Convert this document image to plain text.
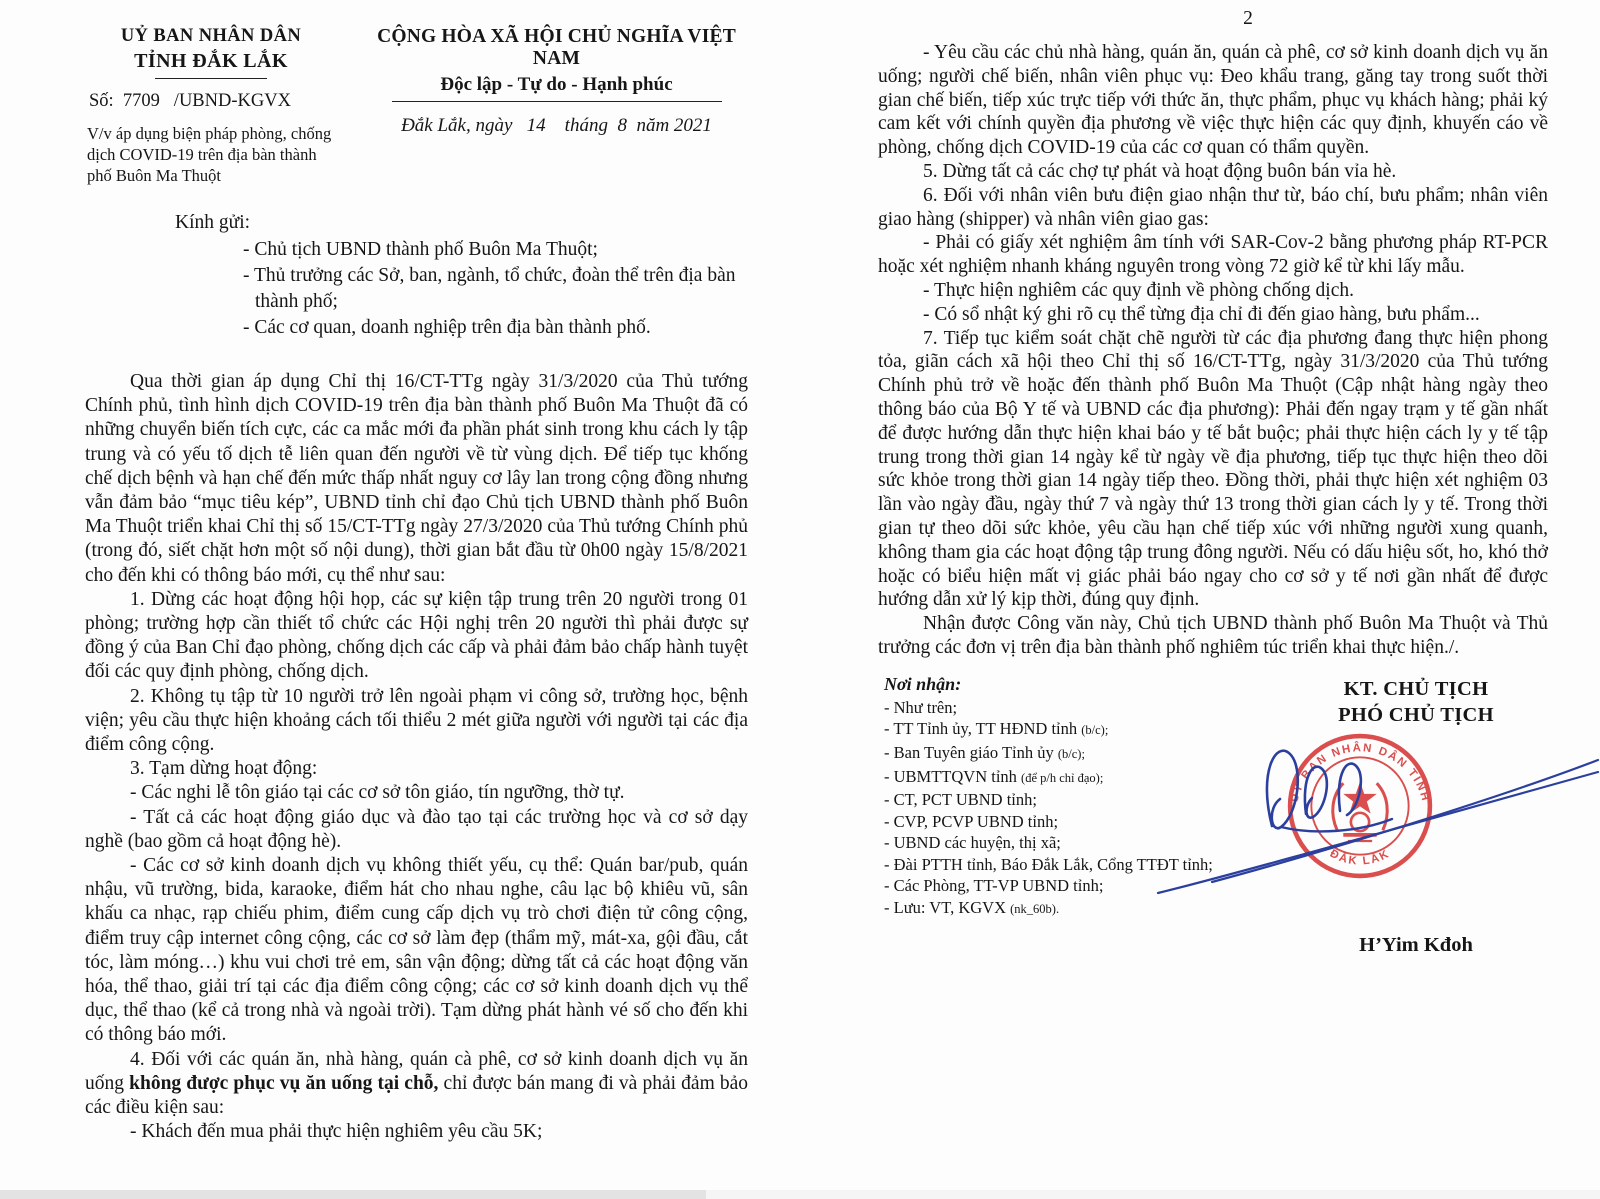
UỶ BAN NHÂN DÂN
TỈNH ĐẮK LẮK
Số:  7709   /UBND-KGVX
V/v áp dụng biện pháp phòng, chống dịch COVID-19 trên địa bàn thành phố Buôn Ma Thuột
CỘNG HÒA XÃ HỘI CHỦ NGHĨA VIỆT NAM
Độc lập - Tự do - Hạnh phúc
Đắk Lắk, ngày   14    tháng  8  năm 2021
Kính gửi:

- Chủ tịch UBND thành phố Buôn Ma Thuột;

- Thủ trưởng các Sở, ban, ngành, tổ chức, đoàn thể trên địa bàn thành phố;

- Các cơ quan, doanh nghiệp trên địa bàn thành phố.

Qua thời gian áp dụng Chỉ thị 16/CT-TTg ngày 31/3/2020 của Thủ tướng Chính phủ, tình hình dịch COVID-19 trên địa bàn thành phố Buôn Ma Thuột đã có những chuyển biến tích cực, các ca mắc mới đa phần phát sinh trong khu cách ly tập trung và có yếu tố dịch tễ liên quan đến người về từ vùng dịch. Để tiếp tục khống chế dịch bệnh và hạn chế đến mức thấp nhất nguy cơ lây lan trong cộng đồng nhưng vẫn đảm bảo “mục tiêu kép”, UBND tỉnh chỉ đạo Chủ tịch UBND thành phố Buôn Ma Thuột triển khai Chỉ thị số 15/CT-TTg ngày 27/3/2020 của Thủ tướng Chính phủ (trong đó, siết chặt hơn một số nội dung), thời gian bắt đầu từ 0h00 ngày 15/8/2021 cho đến khi có thông báo mới, cụ thể như sau:

1. Dừng các hoạt động hội họp, các sự kiện tập trung trên 20 người trong 01 phòng; trường hợp cần thiết tổ chức các Hội nghị trên 20 người thì phải được sự đồng ý của Ban Chỉ đạo phòng, chống dịch các cấp và phải đảm bảo chấp hành tuyệt đối các quy định phòng, chống dịch.

2. Không tụ tập từ 10 người trở lên ngoài phạm vi công sở, trường học, bệnh viện; yêu cầu thực hiện khoảng cách tối thiểu 2 mét giữa người với người tại các địa điểm công cộng.

3. Tạm dừng hoạt động:

- Các nghi lễ tôn giáo tại các cơ sở tôn giáo, tín ngưỡng, thờ tự.

- Tất cả các hoạt động giáo dục và đào tạo tại các trường học và cơ sở dạy nghề (bao gồm cả hoạt động hè).

- Các cơ sở kinh doanh dịch vụ không thiết yếu, cụ thể: Quán bar/pub, quán nhậu, vũ trường, bida, karaoke, điểm hát cho nhau nghe, câu lạc bộ khiêu vũ, sân khấu ca nhạc, rạp chiếu phim, điểm cung cấp dịch vụ trò chơi điện tử công cộng, điểm truy cập internet công cộng, các cơ sở làm đẹp (thẩm mỹ, mát-xa, gội đầu, cắt tóc, làm móng…) khu vui chơi trẻ em, sân vận động; dừng tất cả các hoạt động văn hóa, thể thao, giải trí tại các địa điểm công cộng; các cơ sở kinh doanh dịch vụ thể dục, thể thao (kể cả trong nhà và ngoài trời). Tạm dừng phát hành vé số cho đến khi có thông báo mới.

4. Đối với các quán ăn, nhà hàng, quán cà phê, cơ sở kinh doanh dịch vụ ăn uống không được phục vụ ăn uống tại chỗ, chỉ được bán mang đi và phải đảm bảo các điều kiện sau:

- Khách đến mua phải thực hiện nghiêm yêu cầu 5K;

2

- Yêu cầu các chủ nhà hàng, quán ăn, quán cà phê, cơ sở kinh doanh dịch vụ ăn uống; người chế biến, nhân viên phục vụ: Đeo khẩu trang, găng tay trong suốt thời gian chế biến, tiếp xúc trực tiếp với thức ăn, thực phẩm, phục vụ khách hàng; phải ký cam kết với chính quyền địa phương về việc thực hiện các quy định, khuyến cáo về phòng, chống dịch COVID-19 của các cơ quan có thẩm quyền.

5. Dừng tất cả các chợ tự phát và hoạt động buôn bán vỉa hè.

6. Đối với nhân viên bưu điện giao nhận thư từ, báo chí, bưu phẩm; nhân viên giao hàng (shipper) và nhân viên giao gas:

- Phải có giấy xét nghiệm âm tính với SAR-Cov-2 bằng phương pháp RT-PCR hoặc xét nghiệm nhanh kháng nguyên trong vòng 72 giờ kể từ khi lấy mẫu.

- Thực hiện nghiêm các quy định về phòng chống dịch.

- Có sổ nhật ký ghi rõ cụ thể từng địa chỉ đi đến giao hàng, bưu phẩm...

7. Tiếp tục kiểm soát chặt chẽ người từ các địa phương đang thực hiện phong tỏa, giãn cách xã hội theo Chỉ thị số 16/CT-TTg, ngày 31/3/2020 của Thủ tướng Chính phủ trở về hoặc đến thành phố Buôn Ma Thuột (Cập nhật hàng ngày theo thông báo của Bộ Y tế và UBND các địa phương): Phải đến ngay trạm y tế gần nhất để được hướng dẫn thực hiện khai báo y tế bắt buộc; phải thực hiện cách ly y tế tập trung trong thời gian 14 ngày kể từ ngày về địa phương, tiếp tục thực hiện theo dõi sức khỏe trong thời gian 14 ngày tiếp theo. Đồng thời, phải thực hiện xét nghiệm 03 lần vào ngày đầu, ngày thứ 7 và ngày thứ 13 trong thời gian cách ly y tế. Trong thời gian tự theo dõi sức khỏe, yêu cầu hạn chế tiếp xúc với những người xung quanh, không tham gia các hoạt động tập trung đông người. Nếu có dấu hiệu sốt, ho, khó thở hoặc có biểu hiện mất vị giác phải báo ngay cho cơ sở y tế nơi gần nhất để được hướng dẫn xử lý kịp thời, đúng quy định.

Nhận được Công văn này, Chủ tịch UBND thành phố Buôn Ma Thuột và Thủ trưởng các đơn vị trên địa bàn thành phố nghiêm túc triển khai thực hiện./.

Nơi nhận:

- Như trên;

- TT Tỉnh ủy, TT HĐND tỉnh (b/c);

- Ban Tuyên giáo Tỉnh ủy (b/c);

- UBMTTQVN tỉnh (để p/h chỉ đạo);

- CT, PCT UBND tỉnh;

- CVP, PCVP UBND tỉnh;

- UBND các huyện, thị xã;

- Đài PTTH tỉnh, Báo Đắk Lắk, Cổng TTĐT tỉnh;

- Các Phòng, TT-VP UBND tỉnh;

- Lưu: VT, KGVX (nk_60b).

KT. CHỦ TỊCH
PHÓ CHỦ TỊCH
UỶ BAN NHÂN DÂN TỈNH
ĐẮK LẮK
H’Yim Kđoh
